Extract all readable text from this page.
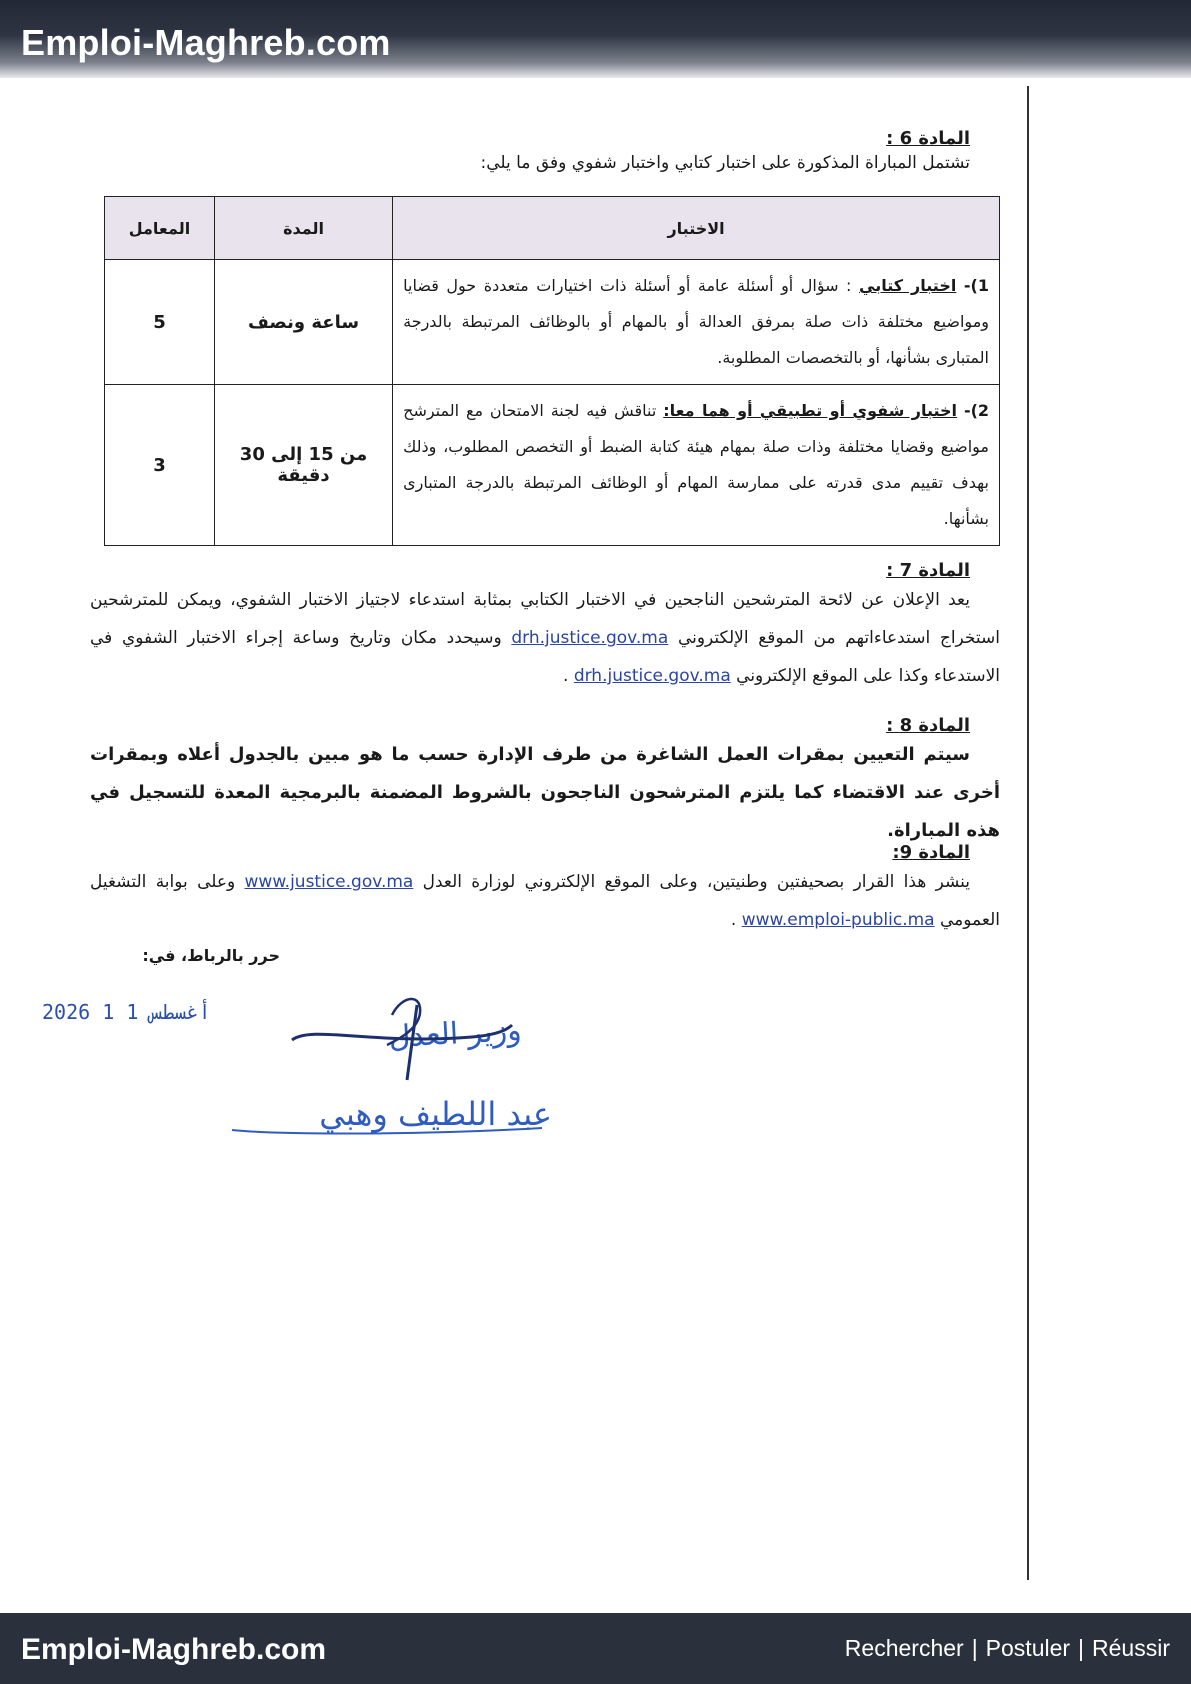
Emploi-Maghreb.com

المادة 6 :

تشتمل المباراة المذكورة على اختبار كتابي واختبار شفوي وفق ما يلي:

الاختبار	المدة	المعامل
1)- اختبار كتابي : سؤال أو أسئلة عامة أو أسئلة ذات اختيارات متعددة حول قضايا ومواضيع مختلفة ذات صلة بمرفق العدالة أو بالمهام أو بالوظائف المرتبطة بالدرجة المتبارى بشأنها، أو بالتخصصات المطلوبة.	ساعة ونصف	5
2)- اختبار شفوي أو تطبيقي أو هما معا: تناقش فيه لجنة الامتحان مع المترشح مواضيع وقضايا مختلفة وذات صلة بمهام هيئة كتابة الضبط أو التخصص المطلوب، وذلك بهدف تقييم مدى قدرته على ممارسة المهام أو الوظائف المرتبطة بالدرجة المتبارى بشأنها.	من 15 إلى 30 دقيقة	3

المادة 7 :

يعد الإعلان عن لائحة المترشحين الناجحين في الاختبار الكتابي بمثابة استدعاء لاجتياز الاختبار الشفوي، ويمكن للمترشحين استخراج استدعاءاتهم من الموقع الإلكتروني drh.justice.gov.ma وسيحدد مكان وتاريخ وساعة إجراء الاختبار الشفوي في الاستدعاء وكذا على الموقع الإلكتروني drh.justice.gov.ma .

المادة 8 :

سيتم التعيين بمقرات العمل الشاغرة من طرف الإدارة حسب ما هو مبين بالجدول أعلاه وبمقرات أخرى عند الاقتضاء كما يلتزم المترشحون الناجحون بالشروط المضمنة بالبرمجية المعدة للتسجيل في هذه المباراة.

المادة 9:

ينشر هذا القرار بصحيفتين وطنيتين، وعلى الموقع الإلكتروني لوزارة العدل www.justice.gov.ma وعلى بوابة التشغيل العمومي www.emploi-public.ma .

حرر بالرباط، في:
2026 أغسطس 1 1
وزير العدل
عبد اللطيف وهبي
Emploi-Maghreb.com	Rechercher | Postuler | Réussir
